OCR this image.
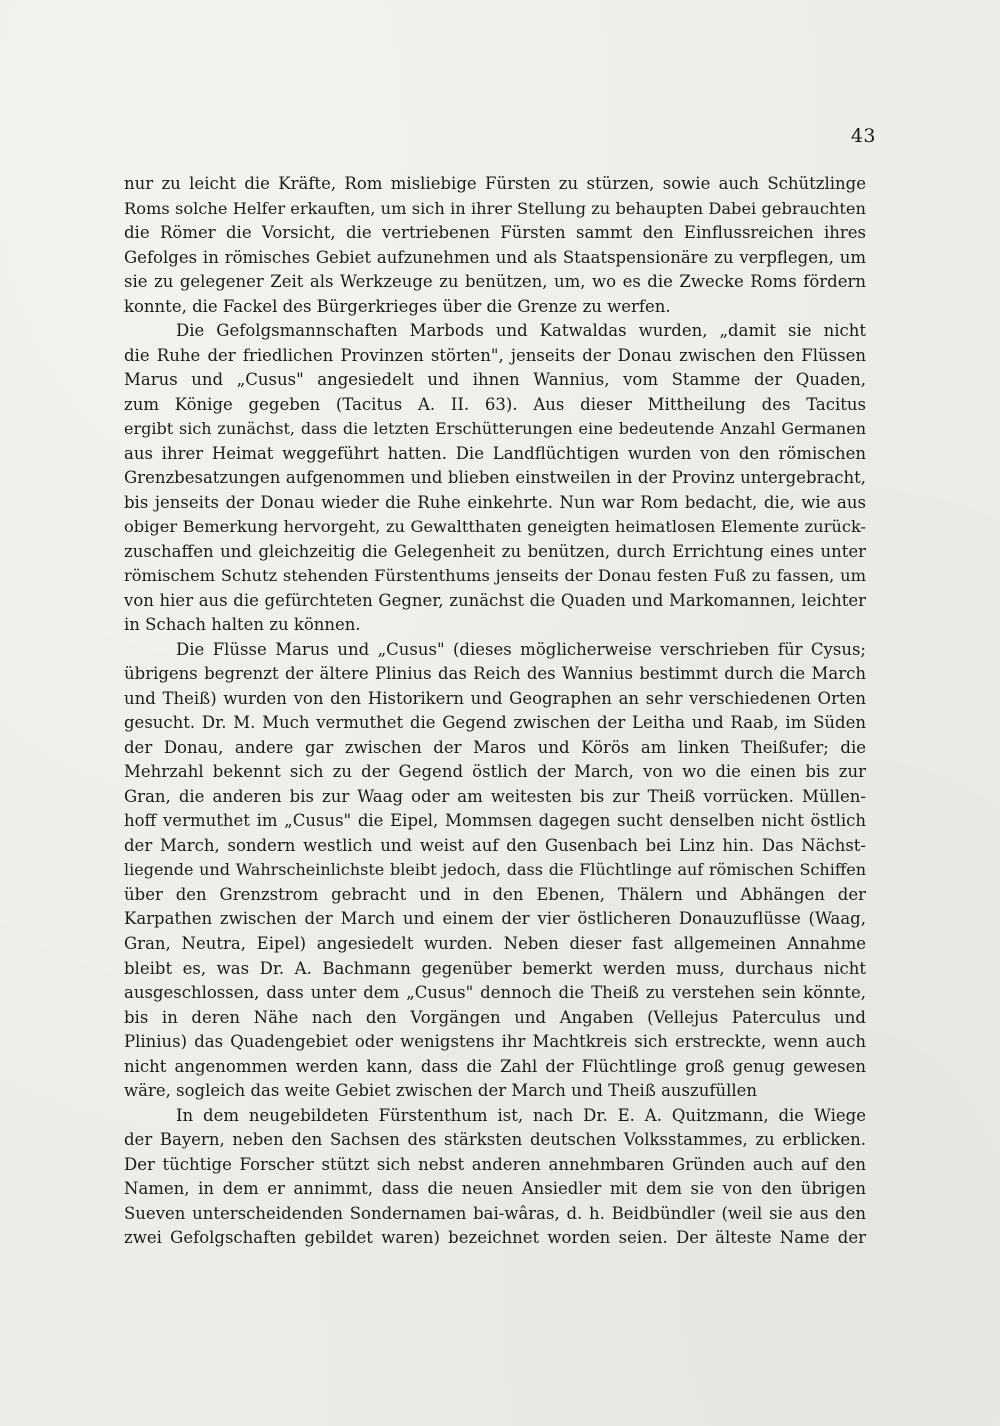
43
nur zu leicht die Kräfte, Rom misliebige Fürsten zu stürzen, sowie auch Schützlinge
Roms solche Helfer erkauften, um sich in ihrer Stellung zu behaupten Dabei gebrauchten
die Römer die Vorsicht, die vertriebenen Fürsten sammt den Einflussreichen ihres
Gefolges in römisches Gebiet aufzunehmen und als Staatspensionäre zu verpflegen, um
sie zu gelegener Zeit als Werkzeuge zu benützen, um, wo es die Zwecke Roms fördern
konnte, die Fackel des Bürgerkrieges über die Grenze zu werfen.
Die Gefolgsmannschaften Marbods und Katwaldas wurden, „damit sie nicht
die Ruhe der friedlichen Provinzen störten", jenseits der Donau zwischen den Flüssen
Marus und „Cusus" angesiedelt und ihnen Wannius, vom Stamme der Quaden,
zum Könige gegeben (Tacitus A. II. 63). Aus dieser Mittheilung des Tacitus
ergibt sich zunächst, dass die letzten Erschütterungen eine bedeutende Anzahl Germanen
aus ihrer Heimat weggeführt hatten. Die Landflüchtigen wurden von den römischen
Grenzbesatzungen aufgenommen und blieben einstweilen in der Provinz untergebracht,
bis jenseits der Donau wieder die Ruhe einkehrte. Nun war Rom bedacht, die, wie aus
obiger Bemerkung hervorgeht, zu Gewaltthaten geneigten heimatlosen Elemente zurück-
zuschaffen und gleichzeitig die Gelegenheit zu benützen, durch Errichtung eines unter
römischem Schutz stehenden Fürstenthums jenseits der Donau festen Fuß zu fassen, um
von hier aus die gefürchteten Gegner, zunächst die Quaden und Markomannen, leichter
in Schach halten zu können.
Die Flüsse Marus und „Cusus" (dieses möglicherweise verschrieben für Cysus;
übrigens begrenzt der ältere Plinius das Reich des Wannius bestimmt durch die March
und Theiß) wurden von den Historikern und Geographen an sehr verschiedenen Orten
gesucht. Dr. M. Much vermuthet die Gegend zwischen der Leitha und Raab, im Süden
der Donau, andere gar zwischen der Maros und Körös am linken Theißufer; die
Mehrzahl bekennt sich zu der Gegend östlich der March, von wo die einen bis zur
Gran, die anderen bis zur Waag oder am weitesten bis zur Theiß vorrücken. Müllen-
hoff vermuthet im „Cusus" die Eipel, Mommsen dagegen sucht denselben nicht östlich
der March, sondern westlich und weist auf den Gusenbach bei Linz hin. Das Nächst-
liegende und Wahrscheinlichste bleibt jedoch, dass die Flüchtlinge auf römischen Schiffen
über den Grenzstrom gebracht und in den Ebenen, Thälern und Abhängen der
Karpathen zwischen der March und einem der vier östlicheren Donauzuflüsse (Waag,
Gran, Neutra, Eipel) angesiedelt wurden. Neben dieser fast allgemeinen Annahme
bleibt es, was Dr. A. Bachmann gegenüber bemerkt werden muss, durchaus nicht
ausgeschlossen, dass unter dem „Cusus" dennoch die Theiß zu verstehen sein könnte,
bis in deren Nähe nach den Vorgängen und Angaben (Vellejus Paterculus und
Plinius) das Quadengebiet oder wenigstens ihr Machtkreis sich erstreckte, wenn auch
nicht angenommen werden kann, dass die Zahl der Flüchtlinge groß genug gewesen
wäre, sogleich das weite Gebiet zwischen der March und Theiß auszufüllen
In dem neugebildeten Fürstenthum ist, nach Dr. E. A. Quitzmann, die Wiege
der Bayern, neben den Sachsen des stärksten deutschen Volksstammes, zu erblicken.
Der tüchtige Forscher stützt sich nebst anderen annehmbaren Gründen auch auf den
Namen, in dem er annimmt, dass die neuen Ansiedler mit dem sie von den übrigen
Sueven unterscheidenden Sondernamen bai-wâras, d. h. Beidbündler (weil sie aus den
zwei Gefolgschaften gebildet waren) bezeichnet worden seien. Der älteste Name der
